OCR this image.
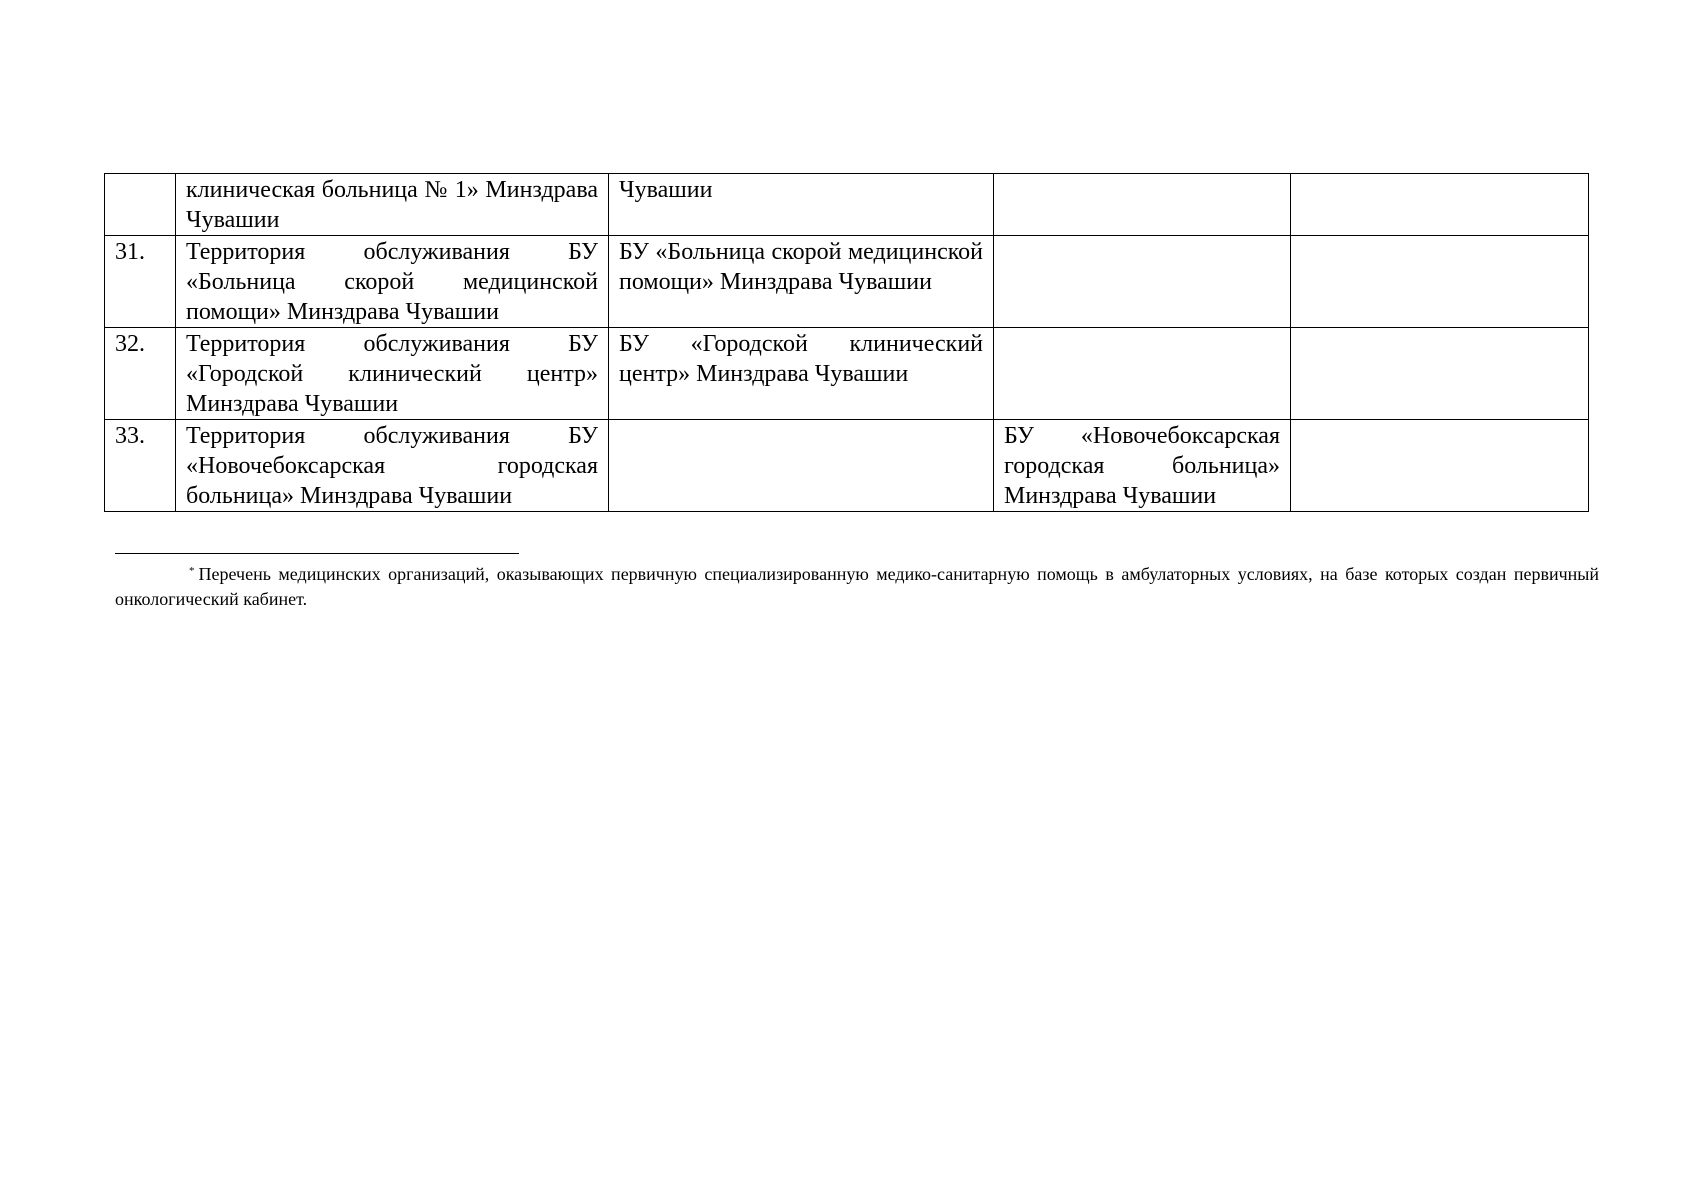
	клиническая больница № 1» Минздрава Чувашии	Чувашии		

31.	Территория обслуживания БУ «Больница скорой медицинской помощи» Минздрава Чувашии	БУ «Больница скорой медицинской помощи» Минздрава Чувашии		

32.	Территория обслуживания БУ «Городской клинический центр» Минздрава Чувашии	БУ «Городской клинический центр» Минздрава Чувашии		

33.	Территория обслуживания БУ «Новочебоксарская городская больница» Минздрава Чувашии		БУ «Новочебоксарская городская больница» Минздрава Чувашии	

* Перечень медицинских организаций, оказывающих первичную специализированную медико-санитарную помощь в амбулаторных условиях, на базе которых создан первичный онкологический кабинет.
